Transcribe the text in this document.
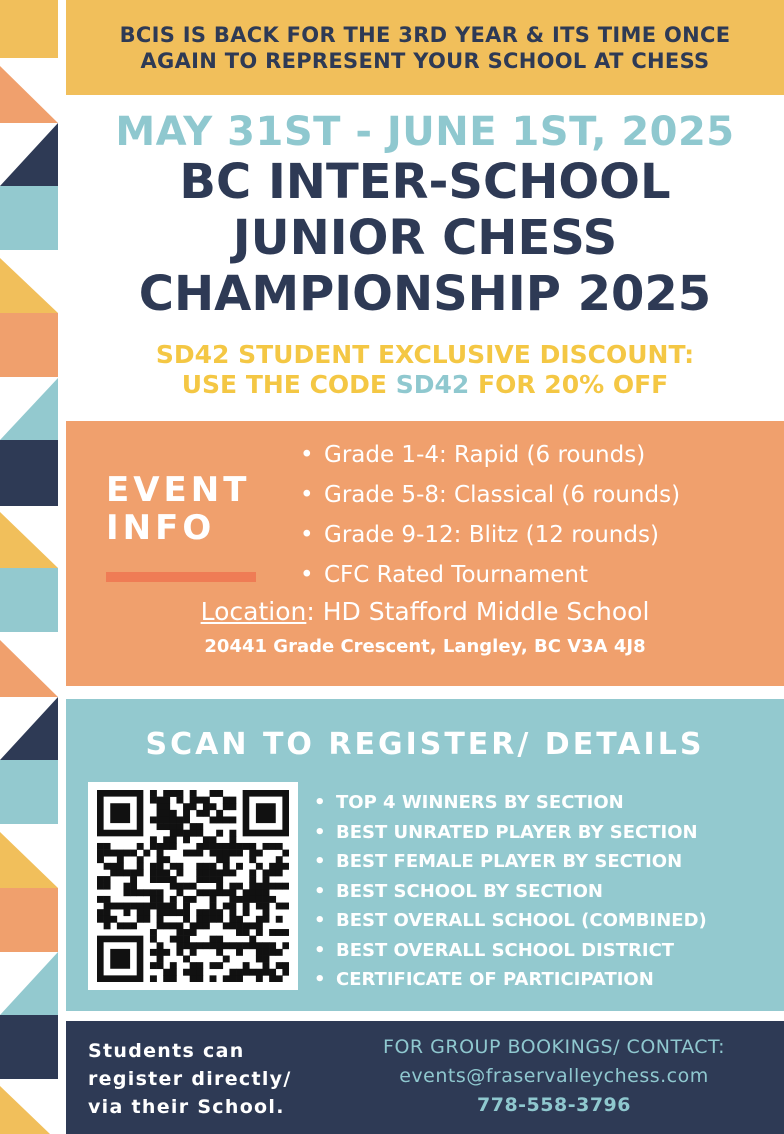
BCIS IS BACK FOR THE 3RD YEAR & ITS TIME ONCE
AGAIN TO REPRESENT YOUR SCHOOL AT CHESS
MAY 31ST - JUNE 1ST, 2025
BC INTER-SCHOOL
JUNIOR CHESS
CHAMPIONSHIP 2025
SD42 STUDENT EXCLUSIVE DISCOUNT:
USE THE CODE SD42 FOR 20% OFF
EVENT
INFO
• Grade 1-4: Rapid (6 rounds)
• Grade 5-8: Classical (6 rounds)
• Grade 9-12: Blitz (12 rounds)
• CFC Rated Tournament
Location: HD Stafford Middle School
20441 Grade Crescent, Langley, BC V3A 4J8
SCAN TO REGISTER/ DETAILS
• TOP 4 WINNERS BY SECTION
• BEST UNRATED PLAYER BY SECTION
• BEST FEMALE PLAYER BY SECTION
• BEST SCHOOL BY SECTION
• BEST OVERALL SCHOOL (COMBINED)
• BEST OVERALL SCHOOL DISTRICT
• CERTIFICATE OF PARTICIPATION
Students can
register directly/
via their School.
FOR GROUP BOOKINGS/ CONTACT:
events@fraservalleychess.com
778-558-3796
